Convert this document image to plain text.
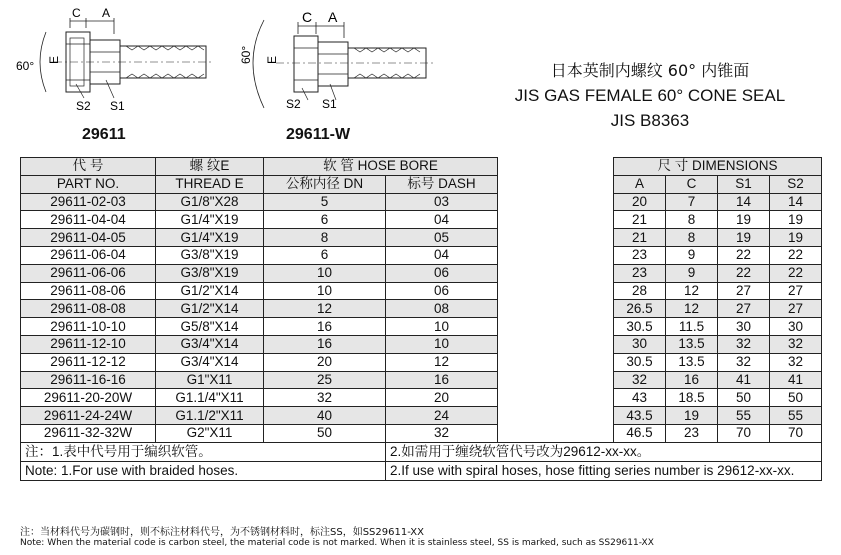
C A
60° E
S2 S1
29611
C A
60° E
S2 S1
29611-W
日本英制内螺纹 60° 内锥面
JIS GAS FEMALE 60° CONE SEAL
JIS B8363
代 号	螺 纹E	软 管 HOSE BORE			尺 寸 DIMENSIONS			
PART NO.	THREAD E	公称内径 DN	标号 DASH		A	C	S1	S2
29611-02-03	G1/8"X28	5	03		20	7	14	14
29611-04-04	G1/4"X19	6	04		21	8	19	19
29611-04-05	G1/4"X19	8	05		21	8	19	19
29611-06-04	G3/8"X19	6	04		23	9	22	22
29611-06-06	G3/8"X19	10	06		23	9	22	22
29611-08-06	G1/2"X14	10	06		28	12	27	27
29611-08-08	G1/2"X14	12	08		26.5	12	27	27
29611-10-10	G5/8"X14	16	10		30.5	11.5	30	30
29611-12-10	G3/4"X14	16	10		30	13.5	32	32
29611-12-12	G3/4"X14	20	12		30.5	13.5	32	32
29611-16-16	G1"X11	25	16		32	16	41	41
29611-20-20W	G1.1/4"X11	32	20		43	18.5	50	50
29611-24-24W	G1.1/2"X11	40	24		43.5	19	55	55
29611-32-32W	G2"X11	50	32		46.5	23	70	70
注：1.表中代号用于编织软管。			2.如需用于缠绕软管代号改为29612-xx-xx。					
Note: 1.For use with braided hoses.			2.If use with spiral hoses, hose fitting series number is 29612-xx-xx.					
注：当材料代号为碳钢时，则不标注材料代号，为不锈钢材料时，标注SS，如SS29611-XX
Note: When the material code is carbon steel, the material code is not marked. When it is stainless steel, SS is marked, such as SS29611-XX
